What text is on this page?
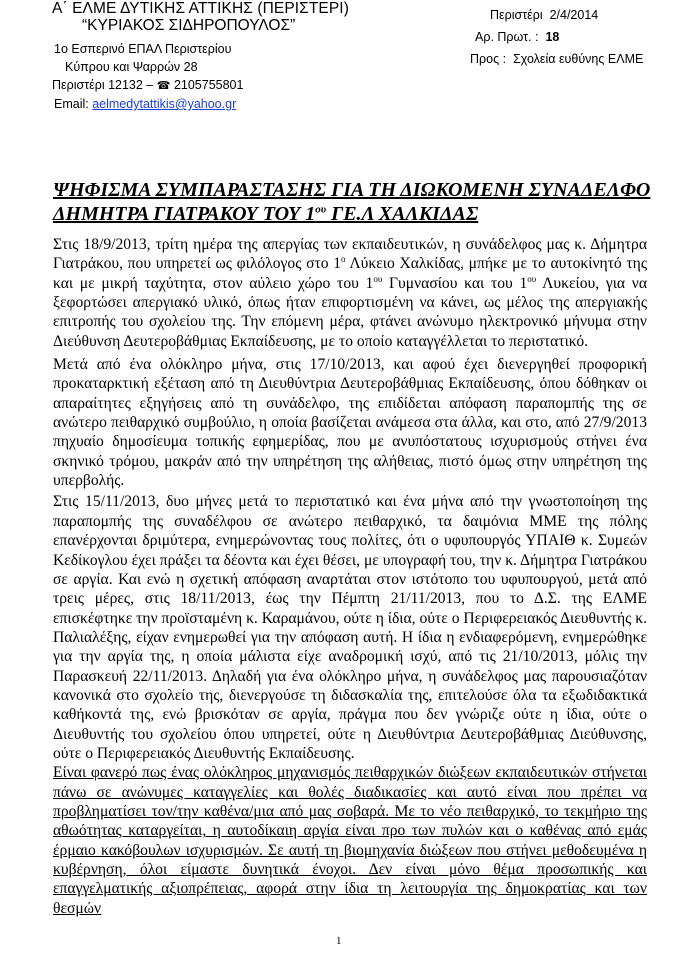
Α΄ ΕΛΜΕ ΔΥΤΙΚΗΣ ΑΤΤΙΚΗΣ (ΠΕΡΙΣΤΕΡΙ)
“ΚΥΡΙΑΚΟΣ ΣΙΔΗΡΟΠΟΥΛΟΣ”
1ο Εσπερινό ΕΠΑΛ Περιστερίου
Κύπρου και Ψαρρών 28
Περιστέρι 12132 – ☎ 2105755801
Email: aelmedytattikis@yahoo.gr
Περιστέρι 2/4/2014
Αρ. Πρωτ. : 18
Προς : Σχολεία ευθύνης ΕΛΜΕ
ΨΗΦΙΣΜΑ ΣΥΜΠΑΡΑΣΤΑΣΗΣ ΓΙΑ ΤΗ ΔΙΩΚΟΜΕΝΗ ΣΥΝΑΔΕΛΦΟ
ΔΗΜΗΤΡΑ ΓΙΑΤΡΑΚΟΥ ΤΟΥ $1^{o\upsilon}$ ΓΕ.Λ ΧΑΛΚΙΔΑΣ

Στις 18/9/2013, τρίτη ημέρα της απεργίας των εκπαιδευτικών, η συνάδελφος μας κ. Δήμητρα Γιατράκου, που υπηρετεί ως φιλόλογος στο $1^o$ Λύκειο Χαλκίδας, μπήκε με το αυτοκίνητό της και με μικρή ταχύτητα, στον αύλειο χώρο του $1^{o\upsilon}$ Γυμνασίου και του $1^{o\upsilon}$ Λυκείου, για να ξεφορτώσει απεργιακό υλικό, όπως ήταν επιφορτισμένη να κάνει, ως μέλος της απεργιακής επιτροπής του σχολείου της. Την επόμενη μέρα, φτάνει ανώνυμο ηλεκτρονικό μήνυμα στην Διεύθυνση Δευτεροβάθμιας Εκπαίδευσης, με το οποίο καταγγέλλεται το περιστατικό.

Μετά από ένα ολόκληρο μήνα, στις 17/10/2013, και αφού έχει διενεργηθεί προφορική προκαταρκτική εξέταση από τη Διευθύντρια Δευτεροβάθμιας Εκπαίδευσης, όπου δόθηκαν οι απαραίτητες εξηγήσεις από τη συνάδελφο, της επιδίδεται απόφαση παραπομπής της σε ανώτερο πειθαρχικό συμβούλιο, η οποία βασίζεται ανάμεσα στα άλλα, και στο, από 27/9/2013 πηχυαίο δημοσίευμα τοπικής εφημερίδας, που με ανυπόστατους ισχυρισμούς στήνει ένα σκηνικό τρόμου, μακράν από την υπηρέτηση της αλήθειας, πιστό όμως στην υπηρέτηση της υπερβολής.

Στις 15/11/2013, δυο μήνες μετά το περιστατικό και ένα μήνα από την γνωστοποίηση της παραπομπής της συναδέλφου σε ανώτερο πειθαρχικό, τα δαιμόνια ΜΜΕ της πόλης επανέρχονται δριμύτερα, ενημερώνοντας τους πολίτες, ότι ο υφυπουργός ΥΠΑΙΘ κ. Συμεών Κεδίκογλου έχει πράξει τα δέοντα και έχει θέσει, με υπογραφή του, την κ. Δήμητρα Γιατράκου σε αργία. Και ενώ η σχετική απόφαση αναρτάται στον ιστότοπο του υφυπουργού, μετά από τρεις μέρες, στις 18/11/2013, έως την Πέμπτη 21/11/2013, που το Δ.Σ. της ΕΛΜΕ επισκέφτηκε την προϊσταμένη κ. Καραμάνου, ούτε η ίδια, ούτε ο Περιφερειακός Διευθυντής κ. Παλιαλέξης, είχαν ενημερωθεί για την απόφαση αυτή. Η ίδια η ενδιαφερόμενη, ενημερώθηκε για την αργία της, η οποία μάλιστα είχε αναδρομική ισχύ, από τις 21/10/2013, μόλις την Παρασκευή 22/11/2013. Δηλαδή για ένα ολόκληρο μήνα, η συνάδελφος μας παρουσιαζόταν κανονικά στο σχολείο της, διενεργούσε τη διδασκαλία της, επιτελούσε όλα τα εξωδιδακτικά καθήκοντά της, ενώ βρισκόταν σε αργία, πράγμα που δεν γνώριζε ούτε η ίδια, ούτε ο Διευθυντής του σχολείου όπου υπηρετεί, ούτε η Διευθύντρια Δευτεροβάθμιας Διεύθυνσης, ούτε ο Περιφερειακός Διευθυντής Εκπαίδευσης.

Είναι φανερό πως ένας ολόκληρος μηχανισμός πειθαρχικών διώξεων εκπαιδευτικών στήνεται πάνω σε ανώνυμες καταγγελίες και θολές διαδικασίες και αυτό είναι που πρέπει να προβληματίσει τον/την καθένα/μια από μας σοβαρά. Με το νέο πειθαρχικό, το τεκμήριο της αθωότητας καταργείται, η αυτοδίκαιη αργία είναι προ των πυλών και ο καθένας από εμάς έρμαιο κακόβουλων ισχυρισμών. Σε αυτή τη βιομηχανία διώξεων που στήνει μεθοδευμένα η κυβέρνηση, όλοι είμαστε δυνητικά ένοχοι. Δεν είναι μόνο θέμα προσωπικής και επαγγελματικής αξιοπρέπειας, αφορά στην ίδια τη λειτουργία της δημοκρατίας και των θεσμών

1
